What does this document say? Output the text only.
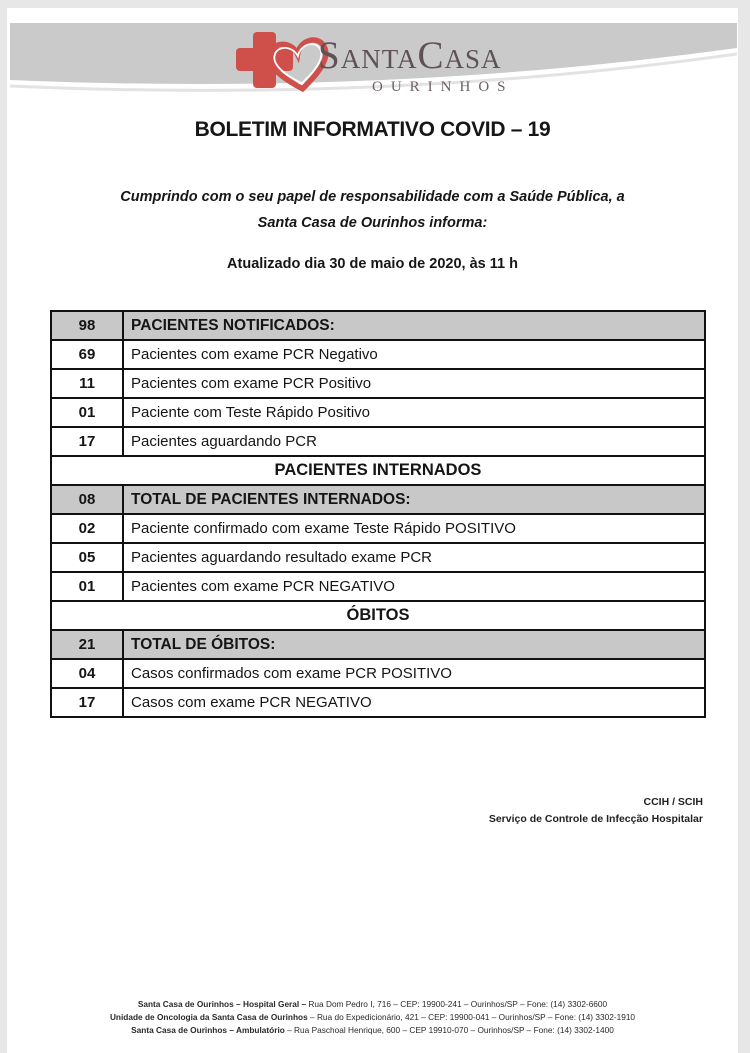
SANTACASA
OURINHOS
BOLETIM INFORMATIVO COVID – 19
Cumprindo com o seu papel de responsabilidade com a Saúde Pública, a
Santa Casa de Ourinhos informa:
Atualizado dia 30 de maio de 2020, às 11 h
98	PACIENTES NOTIFICADOS:
69	Pacientes com exame PCR Negativo
11	Pacientes com exame PCR Positivo
01	Paciente com Teste Rápido Positivo
17	Pacientes aguardando PCR
PACIENTES INTERNADOS	
08	TOTAL DE PACIENTES INTERNADOS:
02	Paciente confirmado com exame Teste Rápido POSITIVO
05	Pacientes aguardando resultado exame PCR
01	Pacientes com exame PCR NEGATIVO
ÓBITOS	
21	TOTAL DE ÓBITOS:
04	Casos confirmados com exame PCR POSITIVO
17	Casos com exame PCR NEGATIVO
CCIH / SCIH
Serviço de Controle de Infecção Hospitalar
Santa Casa de Ourinhos – Hospital Geral – Rua Dom Pedro I, 716 – CEP: 19900-241 – Ourinhos/SP – Fone: (14) 3302-6600
Unidade de Oncologia da Santa Casa de Ourinhos – Rua do Expedicionário, 421 – CEP: 19900-041 – Ourinhos/SP – Fone: (14) 3302-1910
Santa Casa de Ourinhos – Ambulatório – Rua Paschoal Henrique, 600 – CEP 19910-070 – Ourinhos/SP – Fone: (14) 3302-1400
